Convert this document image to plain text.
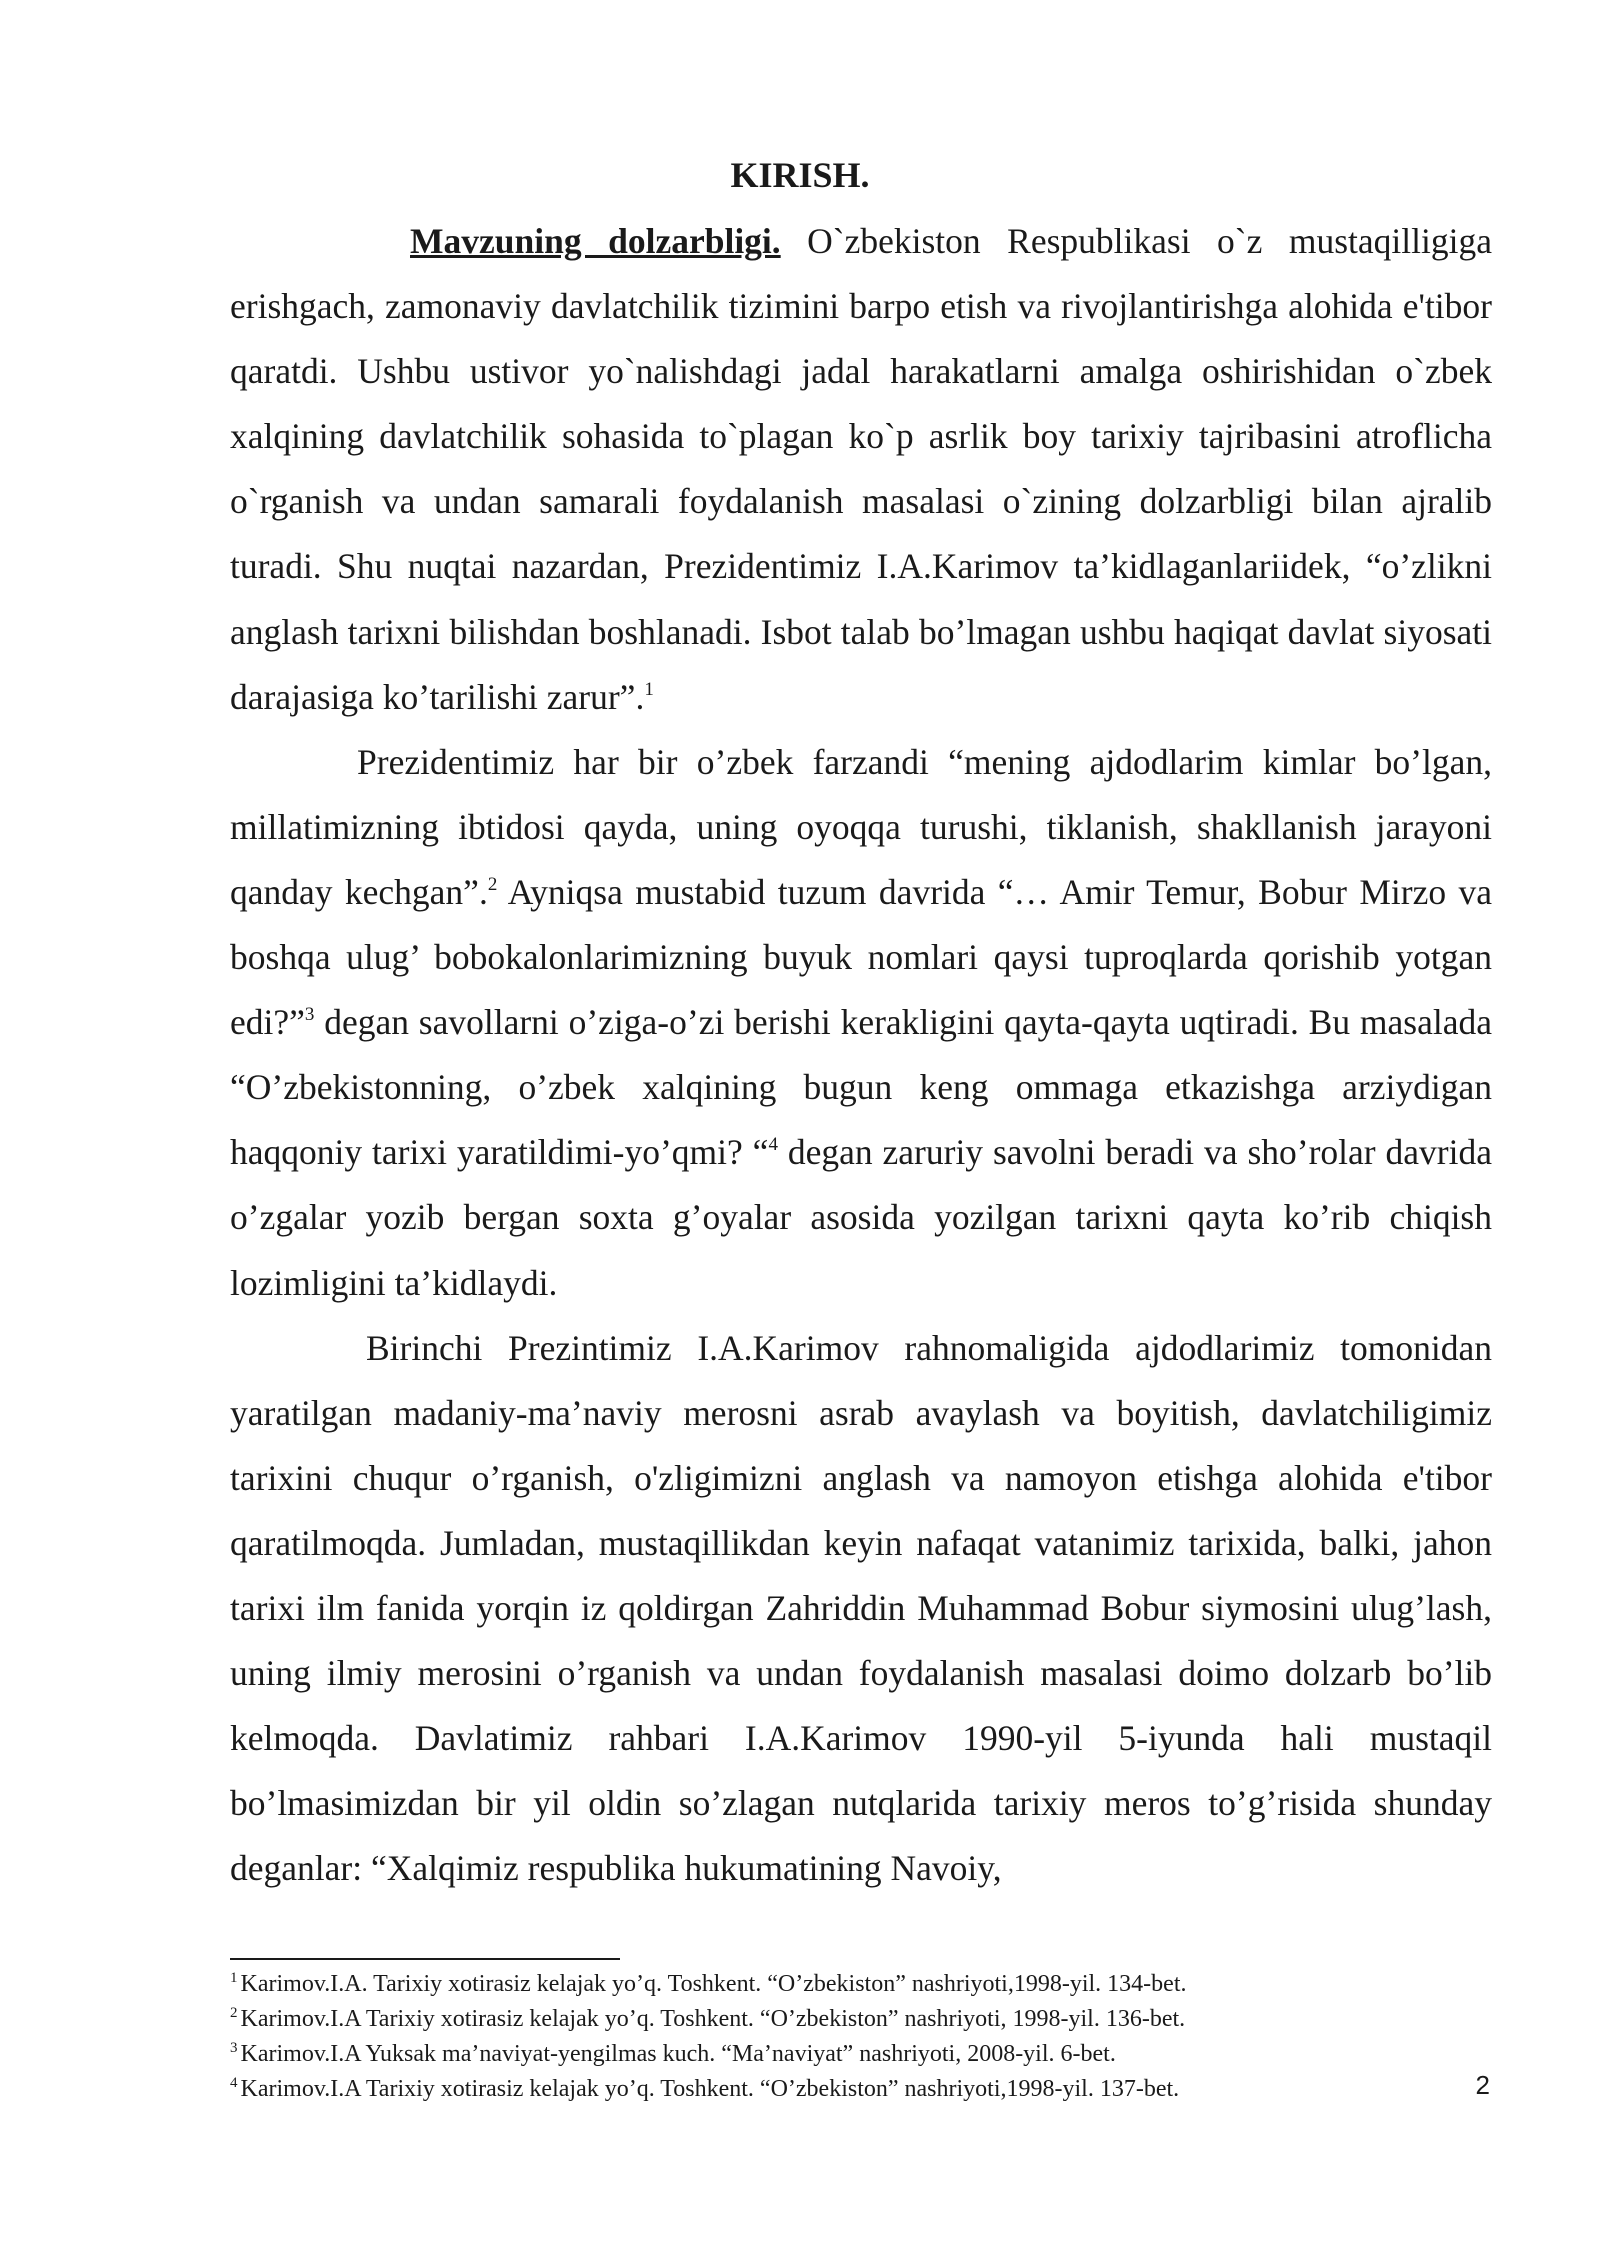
KIRISH.

Mavzuning dolzarbligi. O`zbekiston Respublikasi o`z mustaqilligiga erishgach, zamonaviy davlatchilik tizimini barpo etish va rivojlantirishga alohida e'tibor qaratdi. Ushbu ustivor yo`nalishdagi jadal harakatlarni amalga oshirishidan o`zbek xalqining davlatchilik sohasida to`plagan ko`p asrlik boy tarixiy tajribasini atroflicha o`rganish va undan samarali foydalanish masalasi o`zining dolzarbligi bilan ajralib turadi. Shu nuqtai nazardan, Prezidentimiz I.A.Karimov ta’kidlaganlariidek, “o’zlikni anglash tarixni bilishdan boshlanadi. Isbot talab bo’lmagan ushbu haqiqat davlat siyosati darajasiga ko’tarilishi zarur”.$^1$

Prezidentimiz har bir o’zbek farzandi “mening ajdodlarim kimlar bo’lgan, millatimizning ibtidosi qayda, uning oyoqqa turushi, tiklanish, shakllanish jarayoni qanday kechgan”.$^2$ Ayniqsa mustabid tuzum davrida “… Amir Temur, Bobur Mirzo va boshqa ulug’ bobokalonlarimizning buyuk nomlari qaysi tuproqlarda qorishib yotgan edi?”$^3$ degan savollarni o’ziga-o’zi berishi kerakligini qayta-qayta uqtiradi. Bu masalada “O’zbekistonning, o’zbek xalqining bugun keng ommaga etkazishga arziydigan haqqoniy tarixi yaratildimi-yo’qmi? “$^4$ degan zaruriy savolni beradi va sho’rolar davrida o’zgalar yozib bergan soxta g’oyalar asosida yozilgan tarixni qayta ko’rib chiqish lozimligini ta’kidlaydi.

Birinchi Prezintimiz I.A.Karimov rahnomaligida ajdodlarimiz tomonidan yaratilgan madaniy-ma’naviy merosni asrab avaylash va boyitish, davlatchiligimiz tarixini chuqur o’rganish, o'zligimizni anglash va namoyon etishga alohida e'tibor qaratilmoqda. Jumladan, mustaqillikdan keyin nafaqat vatanimiz tarixida, balki, jahon tarixi ilm fanida yorqin iz qoldirgan Zahriddin Muhammad Bobur siymosini ulug’lash, uning ilmiy merosini o’rganish va undan foydalanish masalasi doimo dolzarb bo’lib kelmoqda. Davlatimiz rahbari I.A.Karimov 1990-yil 5-iyunda hali mustaqil bo’lmasimizdan bir yil oldin so’zlagan nutqlarida tarixiy meros to’g’risida shunday deganlar: “Xalqimiz respublika hukumatining Navoiy,

$^1$ Karimov.I.A. Tarixiy xotirasiz kelajak yo’q. Toshkent. “O’zbekiston” nashriyoti,1998-yil. 134-bet.
$^2$ Karimov.I.A Tarixiy xotirasiz kelajak yo’q. Toshkent. “O’zbekiston” nashriyoti, 1998-yil. 136-bet.
$^3$ Karimov.I.A Yuksak ma’naviyat-yengilmas kuch. “Ma’naviyat” nashriyoti, 2008-yil. 6-bet.
$^4$ Karimov.I.A Tarixiy xotirasiz kelajak yo’q. Toshkent. “O’zbekiston” nashriyoti,1998-yil. 137-bet.	2
